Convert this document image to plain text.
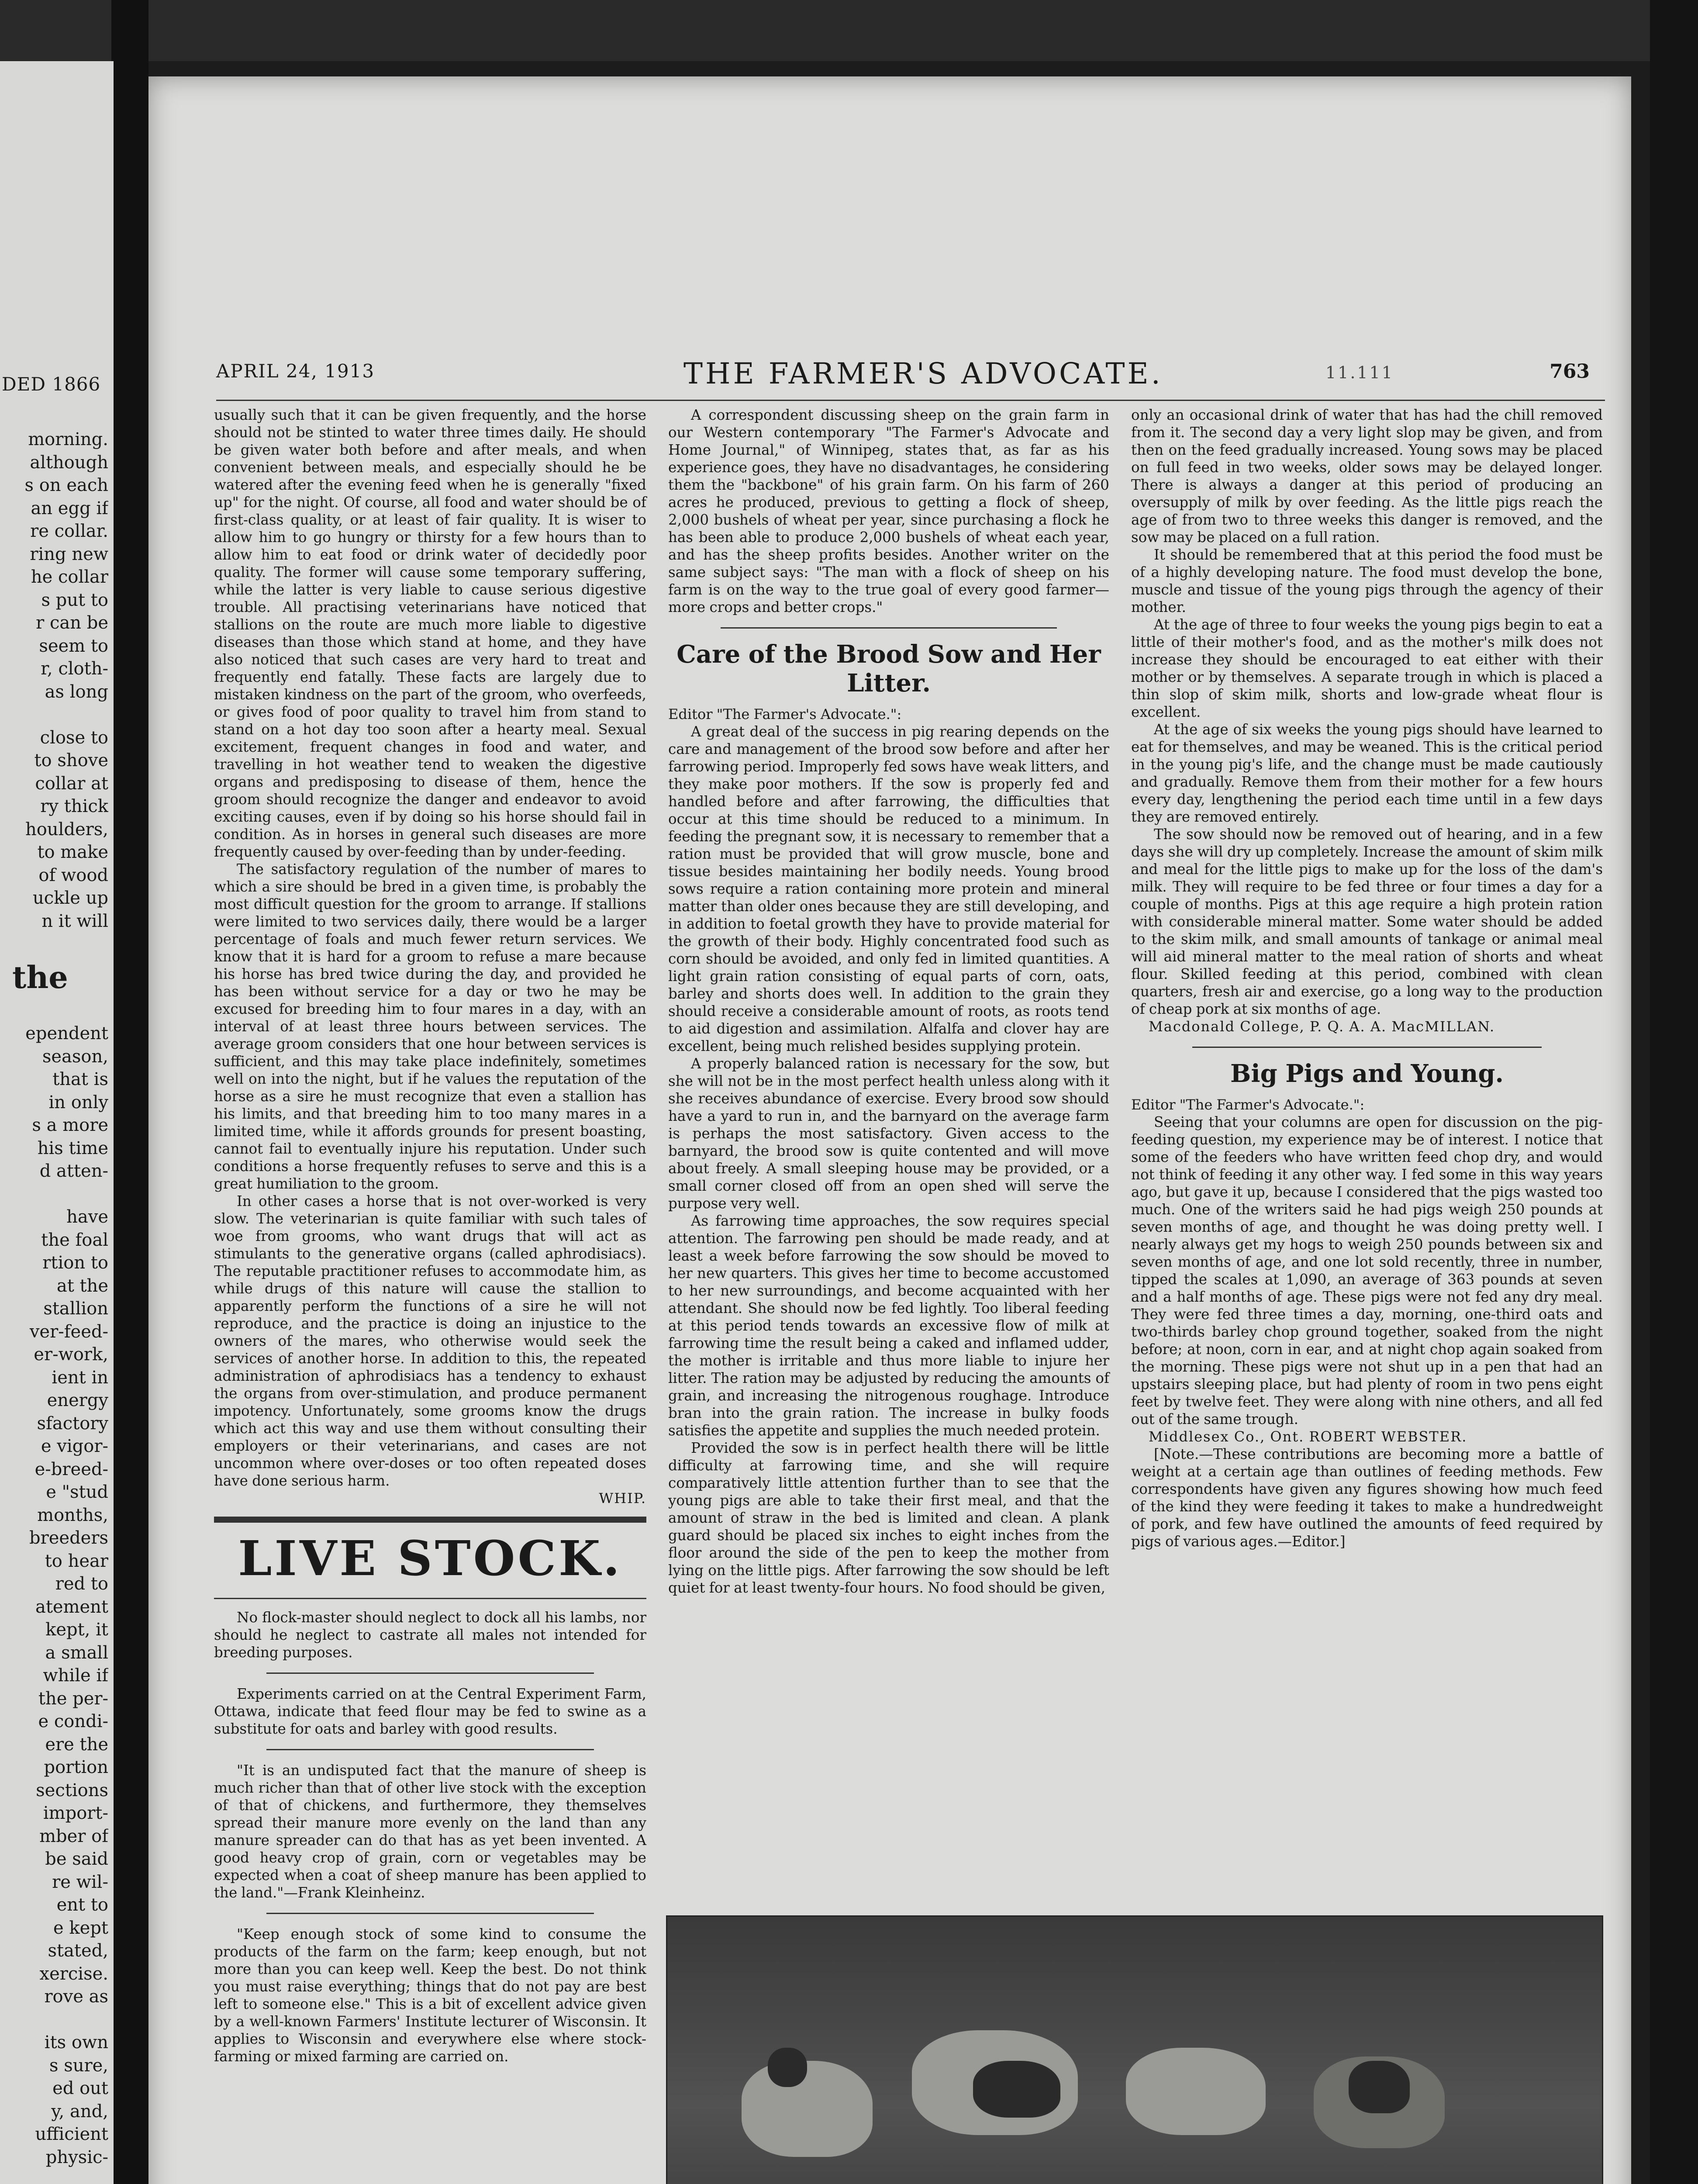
DED 1866
morning.
although
s on each
an egg if
re collar.
ring new
he collar
s put to
r can be
seem to
r, cloth-
as long

close to
to shove
collar at
ry thick
houlders,
to make
of wood
uckle up
n it will

the

ependent
season,
that is
in only
s a more
his time
d atten-

have
the foal
rtion to
at the
stallion
ver-feed-
er-work,
ient in
energy
sfactory
e vigor-
e-breed-
e "stud
months,
breeders
to hear
red to
atement
kept, it
a small
while if
the per-
e condi-
ere the
portion
sections
import-
mber of
be said
re wil-
ent to
e kept
stated,
xercise.
rove as

its own
s sure,
ed out
y, and,
ufficient
physic-

APRIL 24, 1913	THE FARMER'S ADVOCATE.	11.111	763

usually such that it can be given frequently, and the horse should not be stinted to water three times daily. He should be given water both before and after meals, and when convenient between meals, and especially should he be watered after the evening feed when he is generally "fixed up" for the night. Of course, all food and water should be of first-class quality, or at least of fair quality. It is wiser to allow him to go hungry or thirsty for a few hours than to allow him to eat food or drink water of decidedly poor quality. The former will cause some temporary suffering, while the latter is very liable to cause serious digestive trouble. All practising veterinarians have noticed that stallions on the route are much more liable to digestive diseases than those which stand at home, and they have also noticed that such cases are very hard to treat and frequently end fatally. These facts are largely due to mistaken kindness on the part of the groom, who overfeeds, or gives food of poor quality to travel him from stand to stand on a hot day too soon after a hearty meal. Sexual excitement, frequent changes in food and water, and travelling in hot weather tend to weaken the digestive organs and predisposing to disease of them, hence the groom should recognize the danger and endeavor to avoid exciting causes, even if by doing so his horse should fail in condition. As in horses in general such diseases are more frequently caused by over-feeding than by under-feeding.

The satisfactory regulation of the number of mares to which a sire should be bred in a given time, is probably the most difficult question for the groom to arrange. If stallions were limited to two services daily, there would be a larger percentage of foals and much fewer return services. We know that it is hard for a groom to refuse a mare because his horse has bred twice during the day, and provided he has been without service for a day or two he may be excused for breeding him to four mares in a day, with an interval of at least three hours between services. The average groom considers that one hour between services is sufficient, and this may take place indefinitely, sometimes well on into the night, but if he values the reputation of the horse as a sire he must recognize that even a stallion has his limits, and that breeding him to too many mares in a limited time, while it affords grounds for present boasting, cannot fail to eventually injure his reputation. Under such conditions a horse frequently refuses to serve and this is a great humiliation to the groom.

In other cases a horse that is not over-worked is very slow. The veterinarian is quite familiar with such tales of woe from grooms, who want drugs that will act as stimulants to the generative organs (called aphrodisiacs). The reputable practitioner refuses to accommodate him, as while drugs of this nature will cause the stallion to apparently perform the functions of a sire he will not reproduce, and the practice is doing an injustice to the owners of the mares, who otherwise would seek the services of another horse. In addition to this, the repeated administration of aphrodisiacs has a tendency to exhaust the organs from over-stimulation, and produce permanent impotency. Unfortunately, some grooms know the drugs which act this way and use them without consulting their employers or their veterinarians, and cases are not uncommon where over-doses or too often repeated doses have done serious harm.

WHIP.
LIVE STOCK.

No flock-master should neglect to dock all his lambs, nor should he neglect to castrate all males not intended for breeding purposes.

Experiments carried on at the Central Experiment Farm, Ottawa, indicate that feed flour may be fed to swine as a substitute for oats and barley with good results.

"It is an undisputed fact that the manure of sheep is much richer than that of other live stock with the exception of that of chickens, and furthermore, they themselves spread their manure more evenly on the land than any manure spreader can do that has as yet been invented. A good heavy crop of grain, corn or vegetables may be expected when a coat of sheep manure has been applied to the land."—Frank Kleinheinz.

"Keep enough stock of some kind to consume the products of the farm on the farm; keep enough, but not more than you can keep well. Keep the best. Do not think you must raise everything; things that do not pay are best left to someone else." This is a bit of excellent advice given by a well-known Farmers' Institute lecturer of Wisconsin. It applies to Wisconsin and everywhere else where stock-farming or mixed farming are carried on.

A correspondent discussing sheep on the grain farm in our Western contemporary "The Farmer's Advocate and Home Journal," of Winnipeg, states that, as far as his experience goes, they have no disadvantages, he considering them the "backbone" of his grain farm. On his farm of 260 acres he produced, previous to getting a flock of sheep, 2,000 bushels of wheat per year, since purchasing a flock he has been able to produce 2,000 bushels of wheat each year, and has the sheep profits besides. Another writer on the same subject says: "The man with a flock of sheep on his farm is on the way to the true goal of every good farmer—more crops and better crops."

Care of the Brood Sow and Her Litter.

Editor "The Farmer's Advocate.":

A great deal of the success in pig rearing depends on the care and management of the brood sow before and after her farrowing period. Improperly fed sows have weak litters, and they make poor mothers. If the sow is properly fed and handled before and after farrowing, the difficulties that occur at this time should be reduced to a minimum. In feeding the pregnant sow, it is necessary to remember that a ration must be provided that will grow muscle, bone and tissue besides maintaining her bodily needs. Young brood sows require a ration containing more protein and mineral matter than older ones because they are still developing, and in addition to foetal growth they have to provide material for the growth of their body. Highly concentrated food such as corn should be avoided, and only fed in limited quantities. A light grain ration consisting of equal parts of corn, oats, barley and shorts does well. In addition to the grain they should receive a considerable amount of roots, as roots tend to aid digestion and assimilation. Alfalfa and clover hay are excellent, being much relished besides supplying protein.

A properly balanced ration is necessary for the sow, but she will not be in the most perfect health unless along with it she receives abundance of exercise. Every brood sow should have a yard to run in, and the barnyard on the average farm is perhaps the most satisfactory. Given access to the barnyard, the brood sow is quite contented and will move about freely. A small sleeping house may be provided, or a small corner closed off from an open shed will serve the purpose very well.

As farrowing time approaches, the sow requires special attention. The farrowing pen should be made ready, and at least a week before farrowing the sow should be moved to her new quarters. This gives her time to become accustomed to her new surroundings, and become acquainted with her attendant. She should now be fed lightly. Too liberal feeding at this period tends towards an excessive flow of milk at farrowing time the result being a caked and inflamed udder, the mother is irritable and thus more liable to injure her litter. The ration may be adjusted by reducing the amounts of grain, and increasing the nitrogenous roughage. Introduce bran into the grain ration. The increase in bulky foods satisfies the appetite and supplies the much needed protein.

Provided the sow is in perfect health there will be little difficulty at farrowing time, and she will require comparatively little attention further than to see that the young pigs are able to take their first meal, and that the amount of straw in the bed is limited and clean. A plank guard should be placed six inches to eight inches from the floor around the side of the pen to keep the mother from lying on the little pigs. After farrowing the sow should be left quiet for at least twenty-four hours. No food should be given,

only an occasional drink of water that has had the chill removed from it. The second day a very light slop may be given, and from then on the feed gradually increased. Young sows may be placed on full feed in two weeks, older sows may be delayed longer. There is always a danger at this period of producing an oversupply of milk by over feeding. As the little pigs reach the age of from two to three weeks this danger is removed, and the sow may be placed on a full ration.

It should be remembered that at this period the food must be of a highly developing nature. The food must develop the bone, muscle and tissue of the young pigs through the agency of their mother.

At the age of three to four weeks the young pigs begin to eat a little of their mother's food, and as the mother's milk does not increase they should be encouraged to eat either with their mother or by themselves. A separate trough in which is placed a thin slop of skim milk, shorts and low-grade wheat flour is excellent.

At the age of six weeks the young pigs should have learned to eat for themselves, and may be weaned. This is the critical period in the young pig's life, and the change must be made cautiously and gradually. Remove them from their mother for a few hours every day, lengthening the period each time until in a few days they are removed entirely.

The sow should now be removed out of hearing, and in a few days she will dry up completely. Increase the amount of skim milk and meal for the little pigs to make up for the loss of the dam's milk. They will require to be fed three or four times a day for a couple of months. Pigs at this age require a high protein ration with considerable mineral matter. Some water should be added to the skim milk, and small amounts of tankage or animal meal will aid mineral matter to the meal ration of shorts and wheat flour. Skilled feeding at this period, combined with clean quarters, fresh air and exercise, go a long way to the production of cheap pork at six months of age.

Macdonald College, P. Q. A. A. MacMILLAN.
Big Pigs and Young.

Editor "The Farmer's Advocate.":

Seeing that your columns are open for discussion on the pig-feeding question, my experience may be of interest. I notice that some of the feeders who have written feed chop dry, and would not think of feeding it any other way. I fed some in this way years ago, but gave it up, because I considered that the pigs wasted too much. One of the writers said he had pigs weigh 250 pounds at seven months of age, and thought he was doing pretty well. I nearly always get my hogs to weigh 250 pounds between six and seven months of age, and one lot sold recently, three in number, tipped the scales at 1,090, an average of 363 pounds at seven and a half months of age. These pigs were not fed any dry meal. They were fed three times a day, morning, one-third oats and two-thirds barley chop ground together, soaked from the night before; at noon, corn in ear, and at night chop again soaked from the morning. These pigs were not shut up in a pen that had an upstairs sleeping place, but had plenty of room in two pens eight feet by twelve feet. They were along with nine others, and all fed out of the same trough.

Middlesex Co., Ont. ROBERT WEBSTER.

[Note.—These contributions are becoming more a battle of weight at a certain age than outlines of feeding methods. Few correspondents have given any figures showing how much feed of the kind they were feeding it takes to make a hundredweight of pork, and few have outlined the amounts of feed required by pigs of various ages.—Editor.]
